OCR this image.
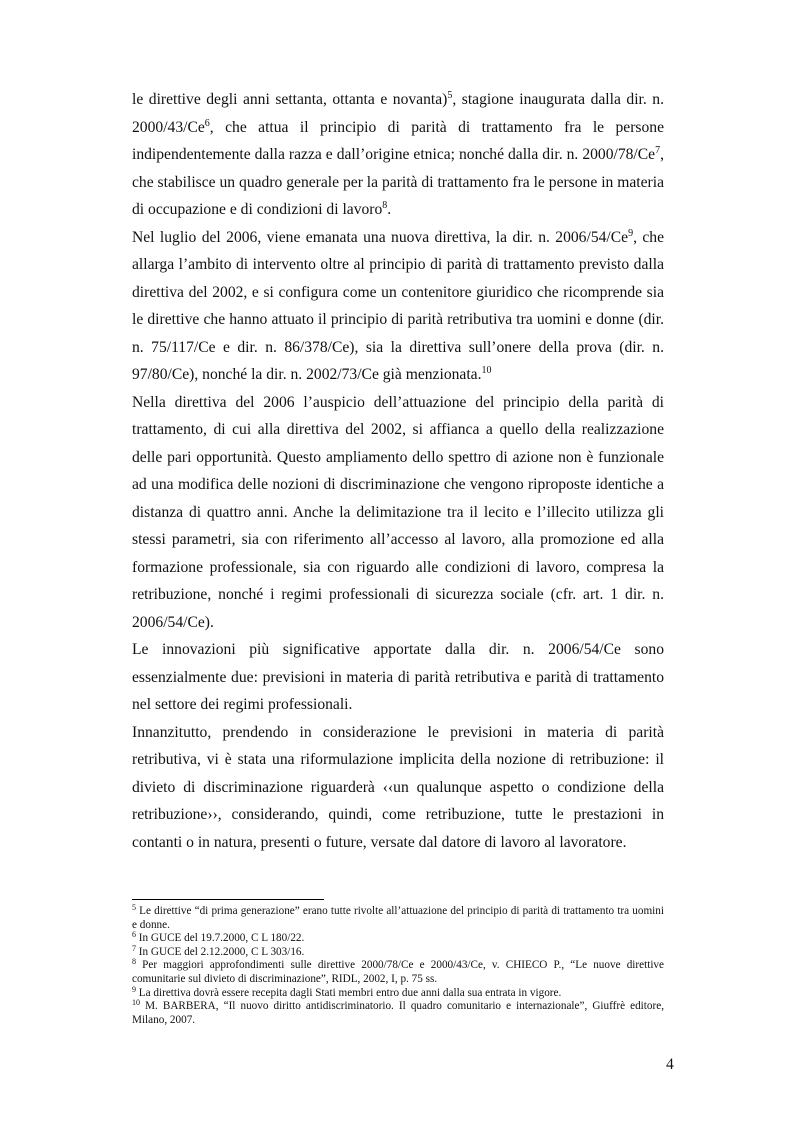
le direttive degli anni settanta, ottanta e novanta)$^5$, stagione inaugurata dalla dir. n. 2000/43/Ce$^6$, che attua il principio di parità di trattamento fra le persone indipendentemente dalla razza e dall’origine etnica; nonché dalla dir. n. 2000/78/Ce$^7$, che stabilisce un quadro generale per la parità di trattamento fra le persone in materia di occupazione e di condizioni di lavoro$^8$.

Nel luglio del 2006, viene emanata una nuova direttiva, la dir. n. 2006/54/Ce$^9$, che allarga l’ambito di intervento oltre al principio di parità di trattamento previsto dalla direttiva del 2002, e si configura come un contenitore giuridico che ricomprende sia le direttive che hanno attuato il principio di parità retributiva tra uomini e donne (dir. n. 75/117/Ce e dir. n. 86/378/Ce), sia la direttiva sull’onere della prova (dir. n. 97/80/Ce), nonché la dir. n. 2002/73/Ce già menzionata.$^{10}$

Nella direttiva del 2006 l’auspicio dell’attuazione del principio della parità di trattamento, di cui alla direttiva del 2002, si affianca a quello della realizzazione delle pari opportunità. Questo ampliamento dello spettro di azione non è funzionale ad una modifica delle nozioni di discriminazione che vengono riproposte identiche a distanza di quattro anni. Anche la delimitazione tra il lecito e l’illecito utilizza gli stessi parametri, sia con riferimento all’accesso al lavoro, alla promozione ed alla formazione professionale, sia con riguardo alle condizioni di lavoro, compresa la retribuzione, nonché i regimi professionali di sicurezza sociale (cfr. art. 1 dir. n. 2006/54/Ce).

Le innovazioni più significative apportate dalla dir. n. 2006/54/Ce sono essenzialmente due: previsioni in materia di parità retributiva e parità di trattamento nel settore dei regimi professionali.

Innanzitutto, prendendo in considerazione le previsioni in materia di parità retributiva, vi è stata una riformulazione implicita della nozione di retribuzione: il divieto di discriminazione riguarderà ‹‹un qualunque aspetto o condizione della retribuzione››, considerando, quindi, come retribuzione, tutte le prestazioni in contanti o in natura, presenti o future, versate dal datore di lavoro al lavoratore.

$^5$ Le direttive “di prima generazione” erano tutte rivolte all’attuazione del principio di parità di trattamento tra uomini e donne.

$^6$ In GUCE del 19.7.2000, C L 180/22.

$^7$ In GUCE del 2.12.2000, C L 303/16.

$^8$ Per maggiori approfondimenti sulle direttive 2000/78/Ce e 2000/43/Ce, v. CHIECO P., “Le nuove direttive comunitarie sul divieto di discriminazione”, RIDL, 2002, I, p. 75 ss.

$^9$ La direttiva dovrà essere recepita dagli Stati membri entro due anni dalla sua entrata in vigore.

$^{10}$ M. BARBERA, “Il nuovo diritto antidiscriminatorio. Il quadro comunitario e internazionale”, Giuffrè editore, Milano, 2007.

4
